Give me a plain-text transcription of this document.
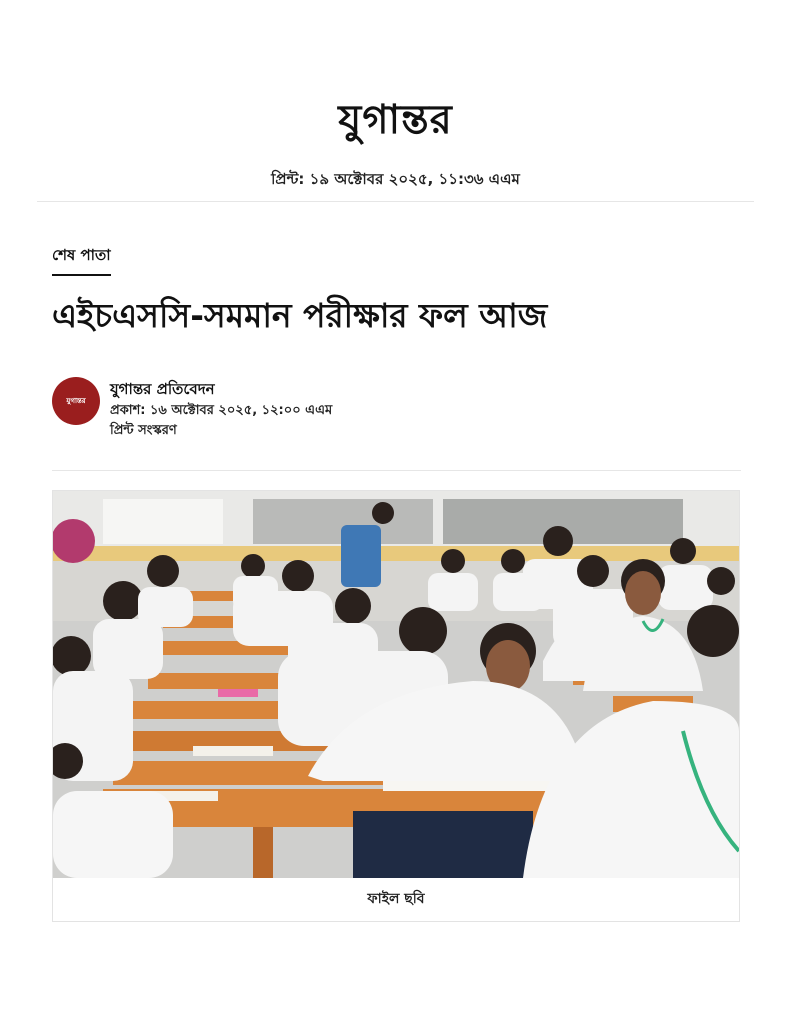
যুগান্তর
প্রিন্ট: ১৯ অক্টোবর ২০২৫, ১১:৩৬ এএম
শেষ পাতা
এইচএসসি-সমমান পরীক্ষার ফল আজ
যুগান্তর
যুগান্তর প্রতিবেদন
প্রকাশ: ১৬ অক্টোবর ২০২৫, ১২:০০ এএম
প্রিন্ট সংস্করণ
ফাইল ছবি
